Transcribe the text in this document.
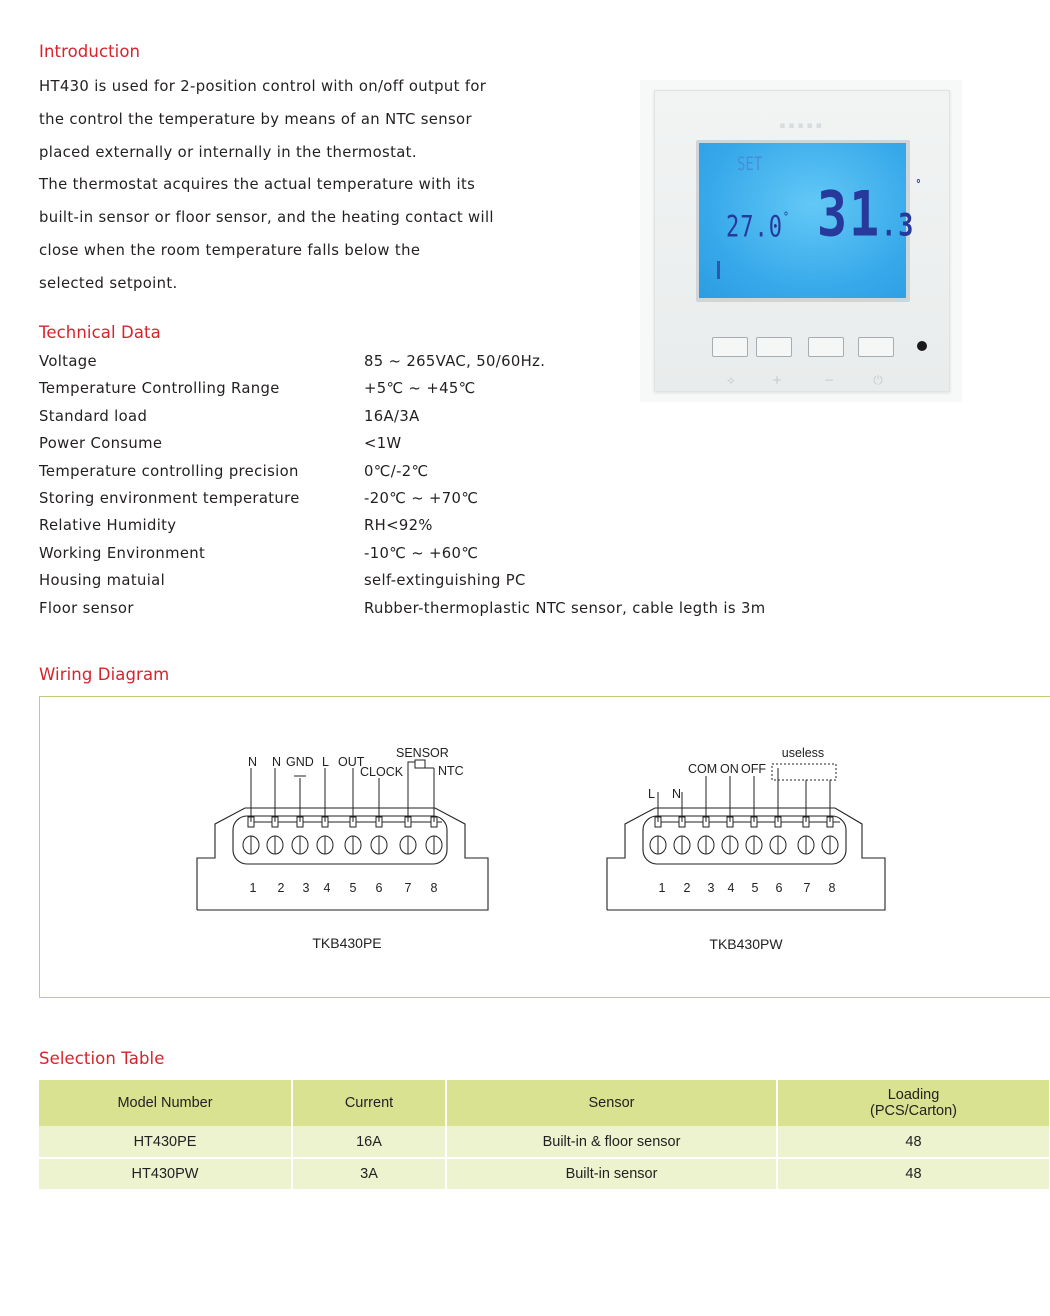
Introduction
HT430 is used for 2-position control with on/off output for
the control the temperature by means of an NTC sensor
placed externally or internally in the thermostat.
The thermostat acquires the actual temperature with its
built-in sensor or floor sensor, and the heating contact will
close when the room temperature falls below the
selected setpoint.
▪▪▪▪▪
SET
27.0° 31.3°
⟡	+	−	⏻
Technical Data
Voltage	85 ~ 265VAC, 50/60Hz.
Temperature Controlling Range	+5℃ ~ +45℃
Standard load	16A/3A
Power Consume	<1W
Temperature controlling precision	0℃/-2℃
Storing environment temperature	-20℃ ~ +70℃
Relative Humidity	RH<92%
Working Environment	-10℃ ~ +60℃
Housing matuial	self-extinguishing PC
Floor sensor	Rubber-thermoplastic NTC sensor, cable legth is 3m
Wiring Diagram
N N GND L OUT
CLOCK
SENSOR
NTC
1 2 3 4 5 6 7 8
TKB430PE
useless
L N
COM ON OFF
1 2 3 4 5 6 7 8
TKB430PW
Selection Table
Model Number	Current	Sensor	Loading
(PCS/Carton)

HT430PE	16A	Built-in & floor sensor	48
HT430PW	3A	Built-in sensor	48
